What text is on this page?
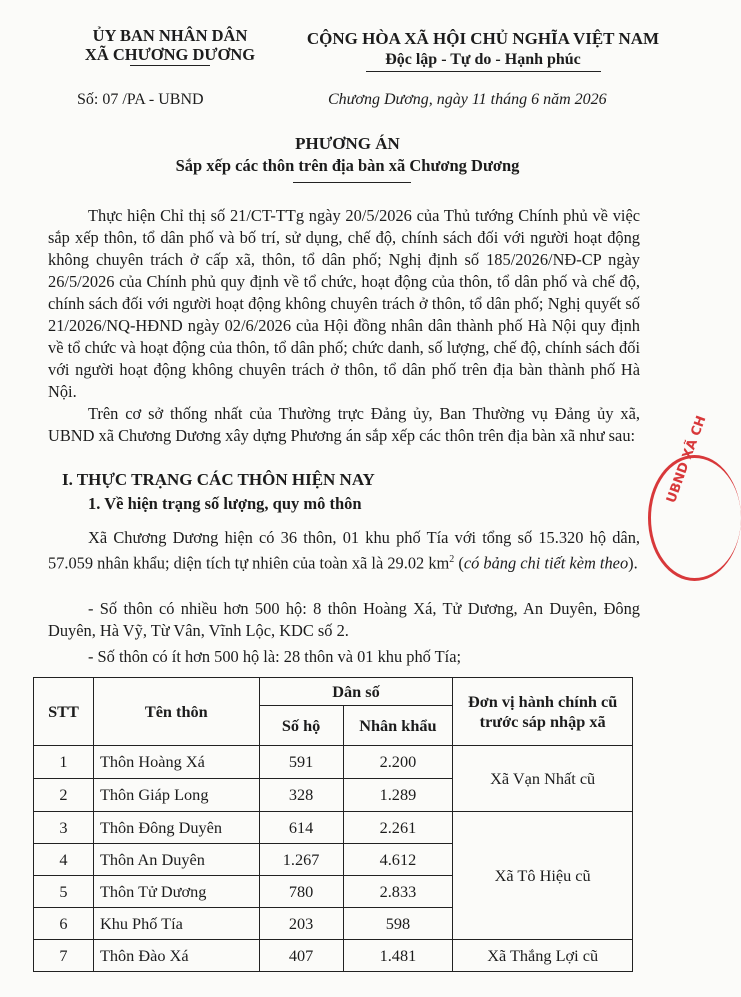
ỦY BAN NHÂN DÂN
XÃ CHƯƠNG DƯƠNG
CỘNG HÒA XÃ HỘI CHỦ NGHĨA VIỆT NAM
Độc lập - Tự do - Hạnh phúc
Số: 07 /PA - UBND	Chương Dương, ngày 11 tháng 6 năm 2026
PHƯƠNG ÁN
Sắp xếp các thôn trên địa bàn xã Chương Dương
Thực hiện Chỉ thị số 21/CT-TTg ngày 20/5/2026 của Thủ tướng Chính phủ về việc sắp xếp thôn, tổ dân phố và bố trí, sử dụng, chế độ, chính sách đối với người hoạt động không chuyên trách ở cấp xã, thôn, tổ dân phố; Nghị định số 185/2026/NĐ-CP ngày 26/5/2026 của Chính phủ quy định về tổ chức, hoạt động của thôn, tổ dân phố và chế độ, chính sách đối với người hoạt động không chuyên trách ở thôn, tổ dân phố; Nghị quyết số 21/2026/NQ-HĐND ngày 02/6/2026 của Hội đồng nhân dân thành phố Hà Nội quy định về tổ chức và hoạt động của thôn, tổ dân phố; chức danh, số lượng, chế độ, chính sách đối với người hoạt động không chuyên trách ở thôn, tổ dân phố trên địa bàn thành phố Hà Nội.
Trên cơ sở thống nhất của Thường trực Đảng ủy, Ban Thường vụ Đảng ủy xã, UBND xã Chương Dương xây dựng Phương án sắp xếp các thôn trên địa bàn xã như sau:
I. THỰC TRẠNG CÁC THÔN HIỆN NAY
1. Về hiện trạng số lượng, quy mô thôn
Xã Chương Dương hiện có 36 thôn, 01 khu phố Tía với tổng số 15.320 hộ dân, 57.059 nhân khẩu; diện tích tự nhiên của toàn xã là 29.02 $km^2$ (có bảng chi tiết kèm theo).
- Số thôn có nhiều hơn 500 hộ: 8 thôn Hoàng Xá, Tử Dương, An Duyên, Đông Duyên, Hà Vỹ, Từ Vân, Vĩnh Lộc, KDC số 2.
- Số thôn có ít hơn 500 hộ là: 28 thôn và 01 khu phố Tía;
STT	Tên thôn	Dân số		Đơn vị hành chính cũ trước sáp nhập xã
		Số hộ	Nhân khẩu	
1	Thôn Hoàng Xá	591	2.200	Xã Vạn Nhất cũ
2	Thôn Giáp Long	328	1.289	
3	Thôn Đông Duyên	614	2.261	Xã Tô Hiệu cũ
4	Thôn An Duyên	1.267	4.612	
5	Thôn Tử Dương	780	2.833	
6	Khu Phố Tía	203	598	
7	Thôn Đào Xá	407	1.481	Xã Thắng Lợi cũ
UBND XÃ CH
